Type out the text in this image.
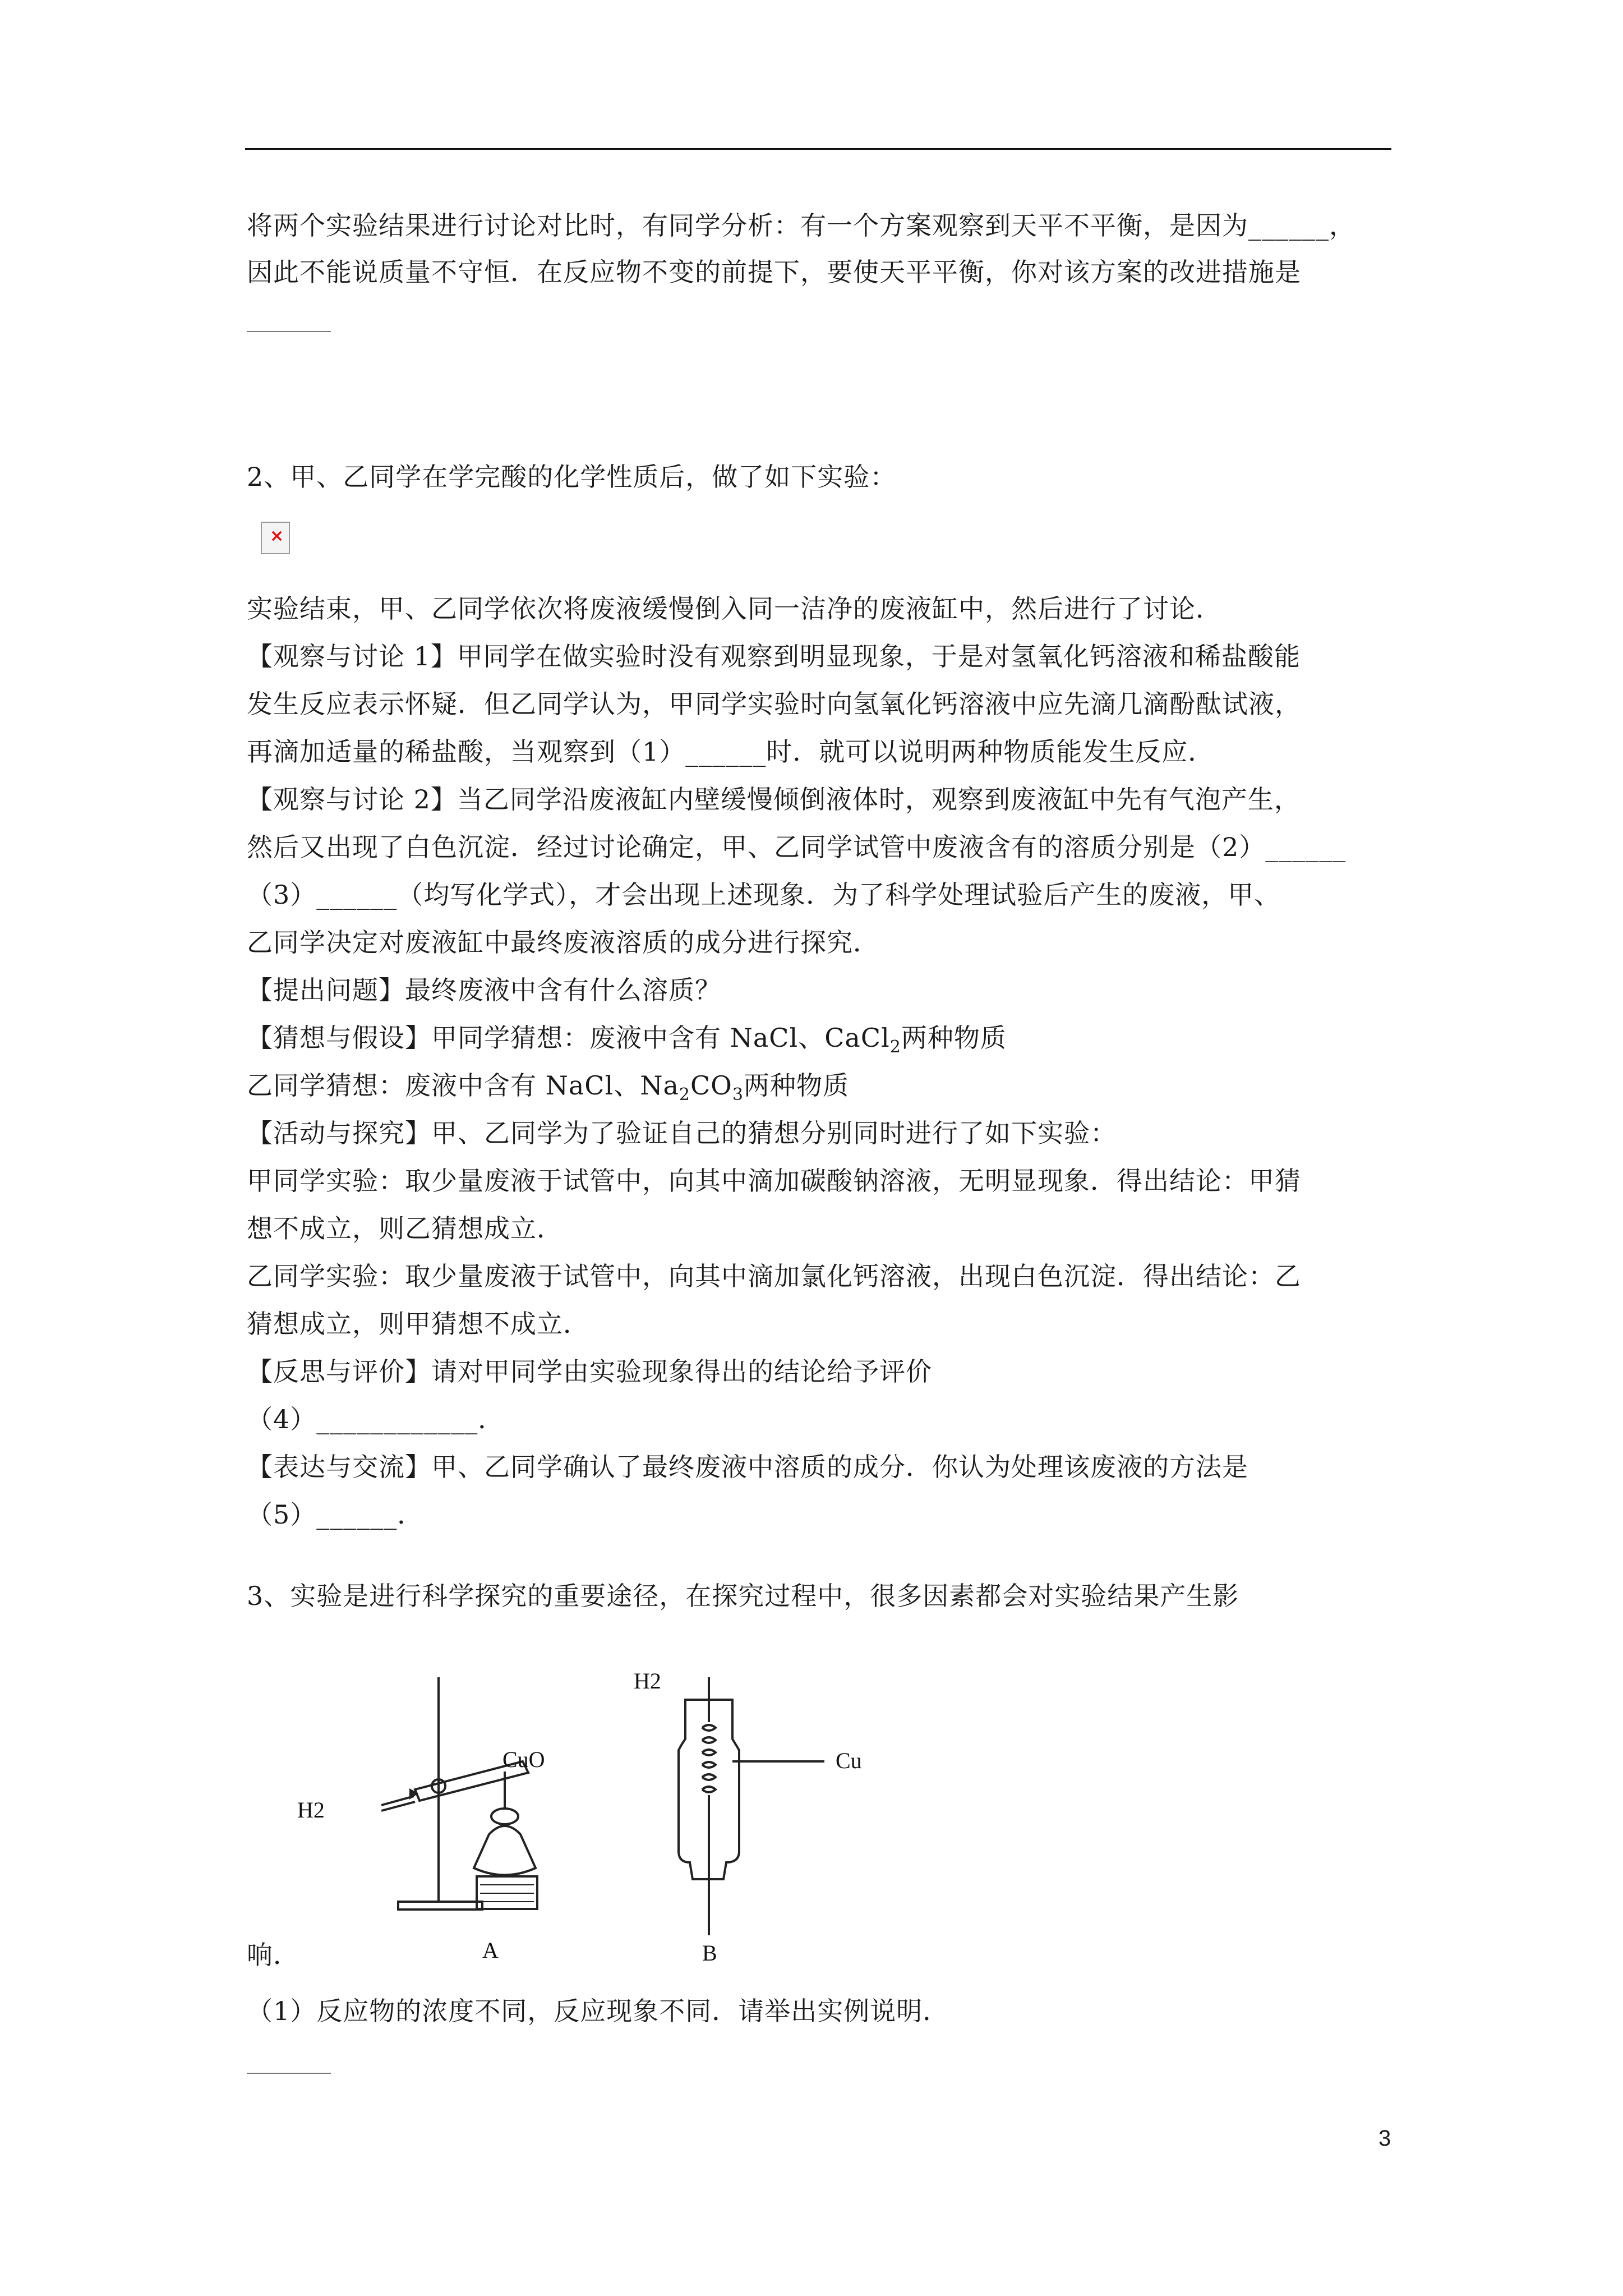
将两个实验结果进行讨论对比时，有同学分析：有一个方案观察到天平不平衡，是因为______，
因此不能说质量不守恒．在反应物不变的前提下，要使天平平衡，你对该方案的改进措施是
2、甲、乙同学在学完酸的化学性质后，做了如下实验：
×
实验结束，甲、乙同学依次将废液缓慢倒入同一洁净的废液缸中，然后进行了讨论．
【观察与讨论 1】甲同学在做实验时没有观察到明显现象，于是对氢氧化钙溶液和稀盐酸能
发生反应表示怀疑．但乙同学认为，甲同学实验时向氢氧化钙溶液中应先滴几滴酚酞试液，
再滴加适量的稀盐酸，当观察到（1）______时．就可以说明两种物质能发生反应．
【观察与讨论 2】当乙同学沿废液缸内壁缓慢倾倒液体时，观察到废液缸中先有气泡产生，
然后又出现了白色沉淀．经过讨论确定，甲、乙同学试管中废液含有的溶质分别是（2）______
（3）______（均写化学式），才会出现上述现象．为了科学处理试验后产生的废液，甲、
乙同学决定对废液缸中最终废液溶质的成分进行探究．
【提出问题】最终废液中含有什么溶质？
【猜想与假设】甲同学猜想：废液中含有 NaCl、CaCl$_2$两种物质
乙同学猜想：废液中含有 NaCl、$Na_2CO_3$两种物质
【活动与探究】甲、乙同学为了验证自己的猜想分别同时进行了如下实验：
甲同学实验：取少量废液于试管中，向其中滴加碳酸钠溶液，无明显现象．得出结论：甲猜
想不成立，则乙猜想成立．
乙同学实验：取少量废液于试管中，向其中滴加氯化钙溶液，出现白色沉淀．得出结论：乙
猜想成立，则甲猜想不成立．
【反思与评价】请对甲同学由实验现象得出的结论给予评价
（4）____________．
【表达与交流】甲、乙同学确认了最终废液中溶质的成分．你认为处理该废液的方法是
（5）______．
3、实验是进行科学探究的重要途径，在探究过程中，很多因素都会对实验结果产生影
H2
CuO
A
H2
Cu
B
响．
（1）反应物的浓度不同，反应现象不同．请举出实例说明．
3
